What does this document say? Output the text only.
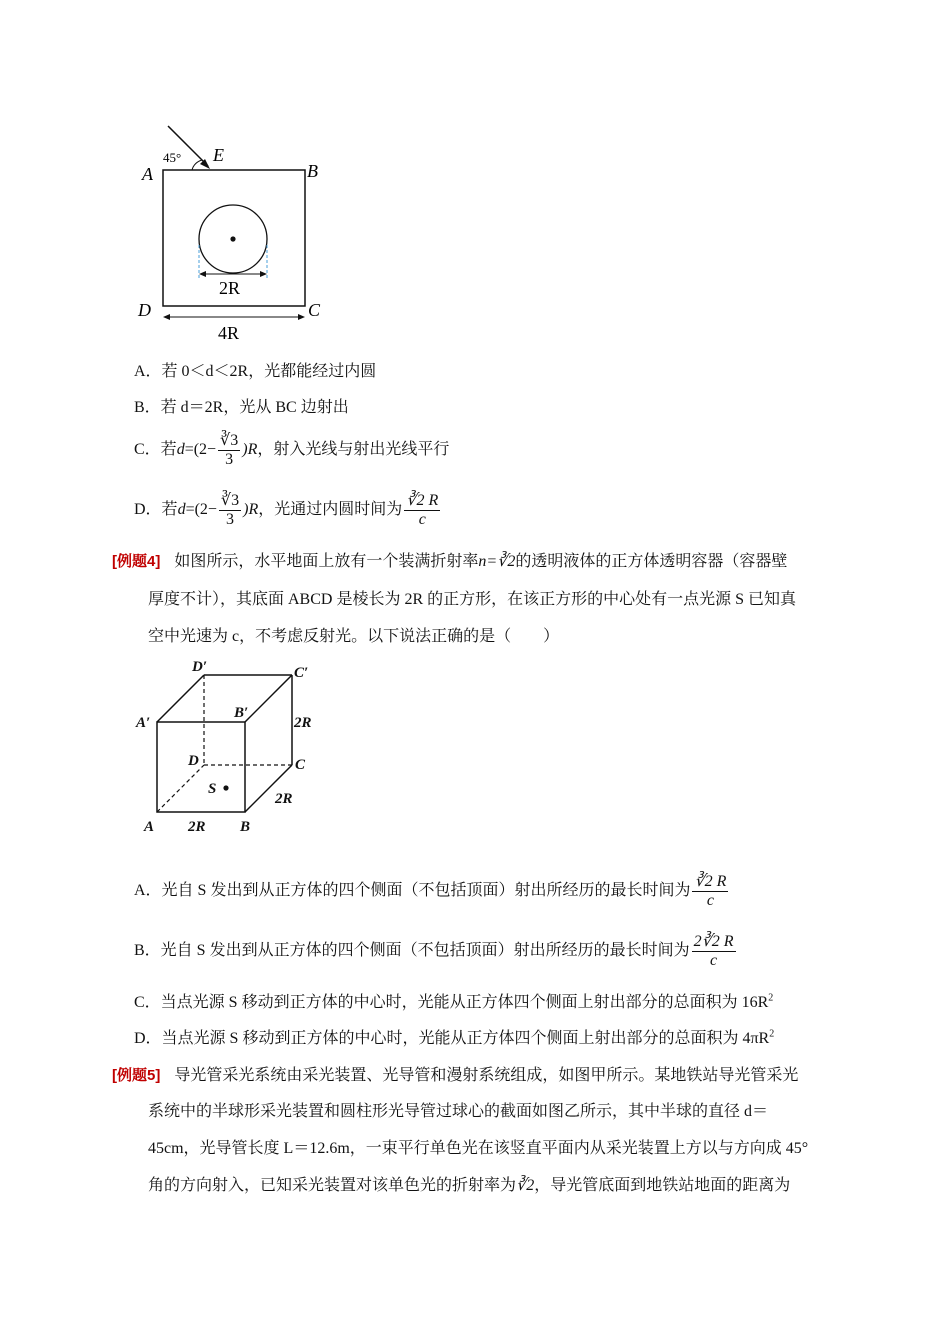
45° E
A	B
D	C
2R
4R
A．若 0＜d＜2R，光都能经过内圆
B．若 d＝2R，光从 BC 边射出
C．若$d=(2- \frac{∛3}{3} )R$，射入光线与射出光线平行
D．若$d=(2- \frac{∛3}{3} )R$，光通过内圆时间为 $\frac{∛2 R}{c}$
[例题4] 如图所示，水平地面上放有一个装满折射率n=∛2的透明液体的正方体透明容器（容器壁
厚度不计），其底面 ABCD 是棱长为 2R 的正方形，在该正方形的中心处有一点光源 S 已知真
空中光速为 c，不考虑反射光。以下说法正确的是（　　）
D′	C′
A′
B′
2R
D	C
S
2R
A 2R B
A．光自 S 发出到从正方体的四个侧面（不包括顶面）射出所经历的最长时间为 $\frac{∛2 R}{c}$
B．光自 S 发出到从正方体的四个侧面（不包括顶面）射出所经历的最长时间为 $\frac{2∛2 R}{c}$
C．当点光源 S 移动到正方体的中心时，光能从正方体四个侧面上射出部分的总面积为 $16R^2$
D．当点光源 S 移动到正方体的中心时，光能从正方体四个侧面上射出部分的总面积为 $4\pi R^2$
[例题5] 导光管采光系统由采光装置、光导管和漫射系统组成，如图甲所示。某地铁站导光管采光
系统中的半球形采光装置和圆柱形光导管过球心的截面如图乙所示，其中半球的直径 d＝
45cm，光导管长度 L＝12.6m，一束平行单色光在该竖直平面内从采光装置上方以与方向成 45°
角的方向射入，已知采光装置对该单色光的折射率为∛2，导光管底面到地铁站地面的距离为
